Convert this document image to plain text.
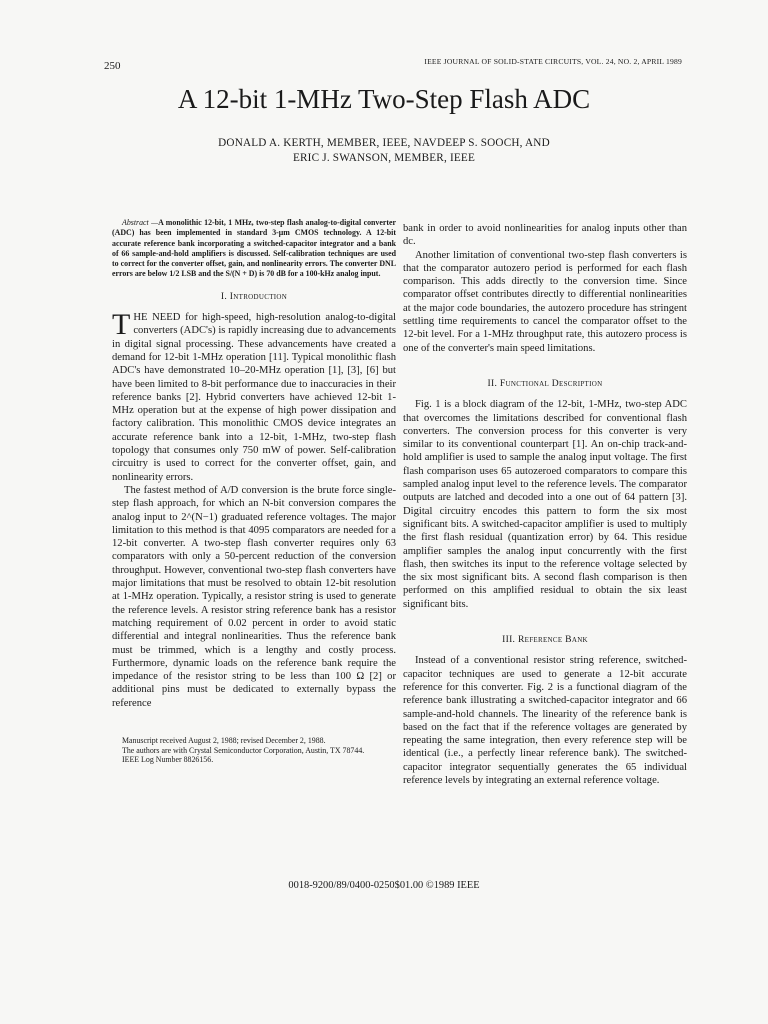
250	IEEE JOURNAL OF SOLID-STATE CIRCUITS, VOL. 24, NO. 2, APRIL 1989
A 12-bit 1-MHz Two-Step Flash ADC
DONALD A. KERTH, MEMBER, IEEE, NAVDEEP S. SOOCH, AND
ERIC J. SWANSON, MEMBER, IEEE

Abstract —A monolithic 12-bit, 1 MHz, two-step flash analog-to-digital converter (ADC) has been implemented in standard 3-μm CMOS technology. A 12-bit accurate reference bank incorporating a switched-capacitor integrator and a bank of 66 sample-and-hold amplifiers is discussed. Self-calibration techniques are used to correct for the converter offset, gain, and nonlinearity errors. The converter DNL errors are below 1/2 LSB and the S/(N + D) is 70 dB for a 100-kHz analog input.

I. Introduction

THE NEED for high-speed, high-resolution analog-to-digital converters (ADC's) is rapidly increasing due to advancements in digital signal processing. These advancements have created a demand for 12-bit 1-MHz operation [11]. Typical monolithic flash ADC's have demonstrated 10–20-MHz operation [1], [3], [6] but have been limited to 8-bit performance due to inaccuracies in their reference banks [2]. Hybrid converters have achieved 12-bit 1-MHz operation but at the expense of high power dissipation and factory calibration. This monolithic CMOS device integrates an accurate reference bank into a 12-bit, 1-MHz, two-step flash topology that consumes only 750 mW of power. Self-calibration circuitry is used to correct for the converter offset, gain, and nonlinearity errors.

The fastest method of A/D conversion is the brute force single-step flash approach, for which an N-bit conversion compares the analog input to 2^(N−1) graduated reference voltages. The major limitation to this method is that 4095 comparators are needed for a 12-bit converter. A two-step flash converter requires only 63 comparators with only a 50-percent reduction of the conversion throughput. However, conventional two-step flash converters have major limitations that must be resolved to obtain 12-bit resolution at 1-MHz operation. Typically, a resistor string is used to generate the reference levels. A resistor string reference bank has a resistor matching requirement of 0.02 percent in order to avoid static differential and integral nonlinearities. Thus the reference bank must be trimmed, which is a lengthy and costly process. Furthermore, dynamic loads on the reference bank require the impedance of the resistor string to be less than 100 Ω [2] or additional pins must be dedicated to externally bypass the reference

Manuscript received August 2, 1988; revised December 2, 1988.

The authors are with Crystal Semiconductor Corporation, Austin, TX 78744.

IEEE Log Number 8826156.

bank in order to avoid nonlinearities for analog inputs other than dc.

Another limitation of conventional two-step flash converters is that the comparator autozero period is performed for each flash comparison. This adds directly to the conversion time. Since comparator offset contributes directly to differential nonlinearities at the major code boundaries, the autozero procedure has stringent settling time requirements to cancel the comparator offset to the 12-bit level. For a 1-MHz throughput rate, this autozero process is one of the converter's main speed limitations.

II. Functional Description

Fig. 1 is a block diagram of the 12-bit, 1-MHz, two-step ADC that overcomes the limitations described for conventional flash converters. The conversion process for this converter is very similar to its conventional counterpart [1]. An on-chip track-and-hold amplifier is used to sample the analog input voltage. The first flash comparison uses 65 autozeroed comparators to compare this sampled analog input level to the reference levels. The comparator outputs are latched and decoded into a one out of 64 pattern [3]. Digital circuitry encodes this pattern to form the six most significant bits. A switched-capacitor amplifier is used to multiply the first flash residual (quantization error) by 64. This residue amplifier samples the analog input concurrently with the first flash, then switches its input to the reference voltage selected by the six most significant bits. A second flash comparison is then performed on this amplified residual to obtain the six least significant bits.

III. Reference Bank

Instead of a conventional resistor string reference, switched-capacitor techniques are used to generate a 12-bit accurate reference for this converter. Fig. 2 is a functional diagram of the reference bank illustrating a switched-capacitor integrator and 66 sample-and-hold channels. The linearity of the reference bank is based on the fact that if the reference voltages are generated by repeating the same integration, then every reference step will be identical (i.e., a perfectly linear reference bank). The switched-capacitor integrator sequentially generates the 65 individual reference levels by integrating an external reference voltage.

0018-9200/89/0400-0250$01.00 ©1989 IEEE
